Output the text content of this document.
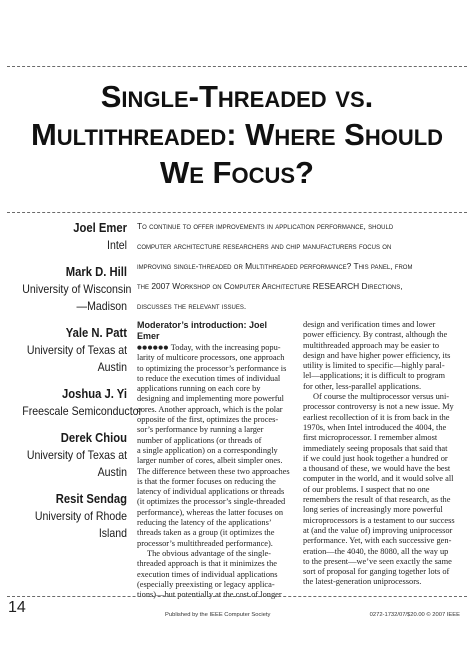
Single-Threaded vs.
Multithreaded: Where Should
We Focus?
Joel Emer
Intel
Mark D. Hill
University of Wisconsin
—Madison
Yale N. Patt
University of Texas at
Austin
Joshua J. Yi
Freescale Semiconductor
Derek Chiou
University of Texas at
Austin
Resit Sendag
University of Rhode
Island
To continue to offer improvements in application performance, should
computer architecture researchers and chip manufacturers focus on
improving single-threaded or Multithreaded performance? This panel, from
the 2007 Workshop on Computer Architecture RESEARCH Directions,
discusses the relevant issues.
Moderator’s introduction: Joel Emer
●●●●●● Today, with the increasing popu-
larity of multicore processors, one approach
to optimizing the processor’s performance is
to reduce the execution times of individual
applications running on each core by
designing and implementing more powerful
cores. Another approach, which is the polar
opposite of the first, optimizes the proces-
sor’s performance by running a larger
number of applications (or threads of
a single application) on a correspondingly
larger number of cores, albeit simpler ones.
The difference between these two approaches
is that the former focuses on reducing the
latency of individual applications or threads
(it optimizes the processor’s single-threaded
performance), whereas the latter focuses on
reducing the latency of the applications’
threads taken as a group (it optimizes the
processor’s multithreaded performance).
The obvious advantage of the single-
threaded approach is that it minimizes the
execution times of individual applications
(especially preexisting or legacy applica-
tions)—but potentially at the cost of longer
design and verification times and lower
power efficiency. By contrast, although the
multithreaded approach may be easier to
design and have higher power efficiency, its
utility is limited to specific—highly paral-
lel—applications; it is difficult to program
for other, less-parallel applications.
Of course the multiprocessor versus uni-
processor controversy is not a new issue. My
earliest recollection of it is from back in the
1970s, when Intel introduced the 4004, the
first microprocessor. I remember almost
immediately seeing proposals that said that
if we could just hook together a hundred or
a thousand of these, we would have the best
computer in the world, and it would solve all
of our problems. I suspect that no one
remembers the result of that research, as the
long series of increasingly more powerful
microprocessors is a testament to our success
at (and the value of) improving uniprocessor
performance. Yet, with each successive gen-
eration—the 4040, the 8080, all the way up
to the present—we’ve seen exactly the same
sort of proposal for ganging together lots of
the latest-generation uniprocessors.
14	Published by the IEEE Computer Society	0272-1732/07/$20.00 © 2007 IEEE
